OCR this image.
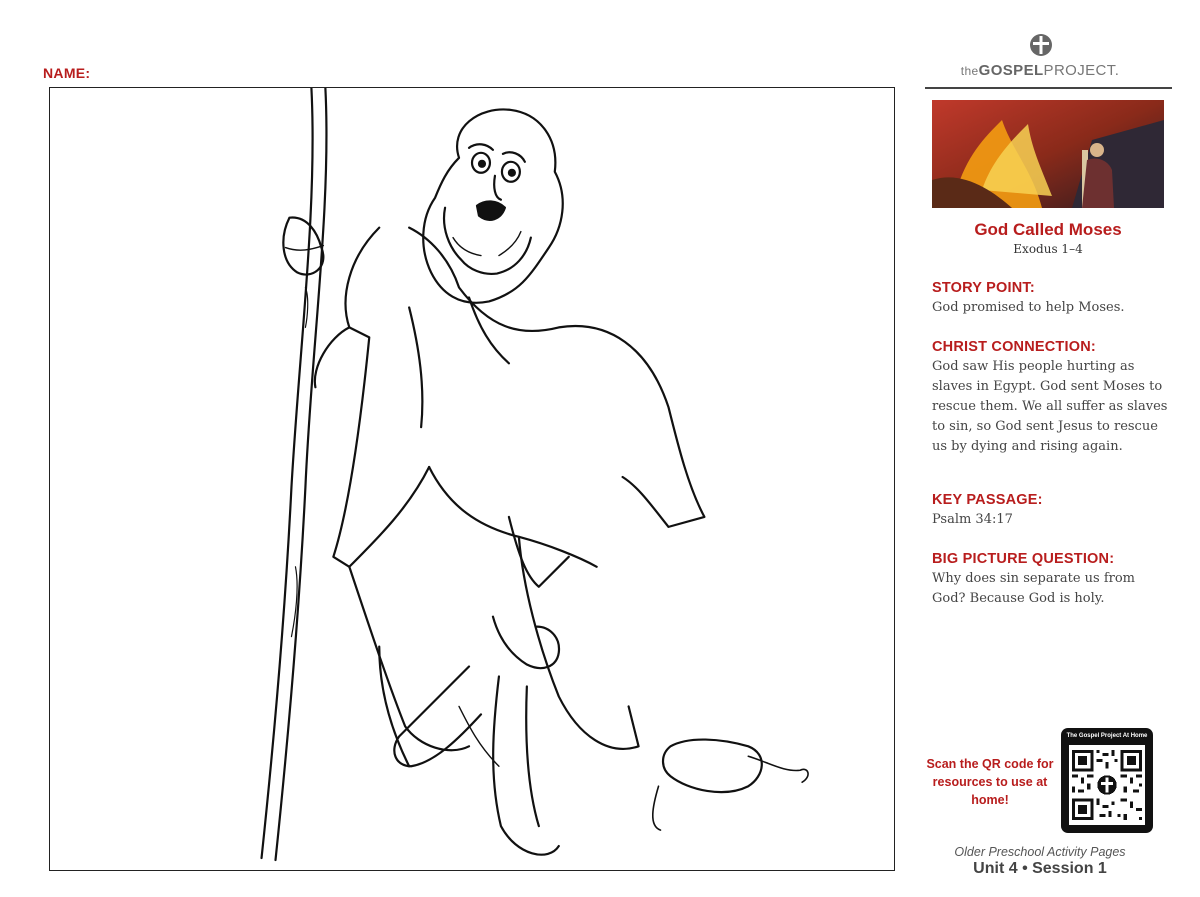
NAME:	theGOSPELPROJECT.
God Called Moses
Exodus 1–4
STORY POINT:
God promised to help Moses.
CHRIST CONNECTION:
God saw His people hurting as slaves in Egypt. God sent Moses to rescue them. We all suffer as slaves to sin, so God sent Jesus to rescue us by dying and rising again.
KEY PASSAGE:
Psalm 34:17
BIG PICTURE QUESTION:
Why does sin separate us from God? Because God is holy.
Scan the QR code for resources to use at home!
The Gospel Project At Home
Older Preschool Activity Pages
Unit 4 • Session 1
